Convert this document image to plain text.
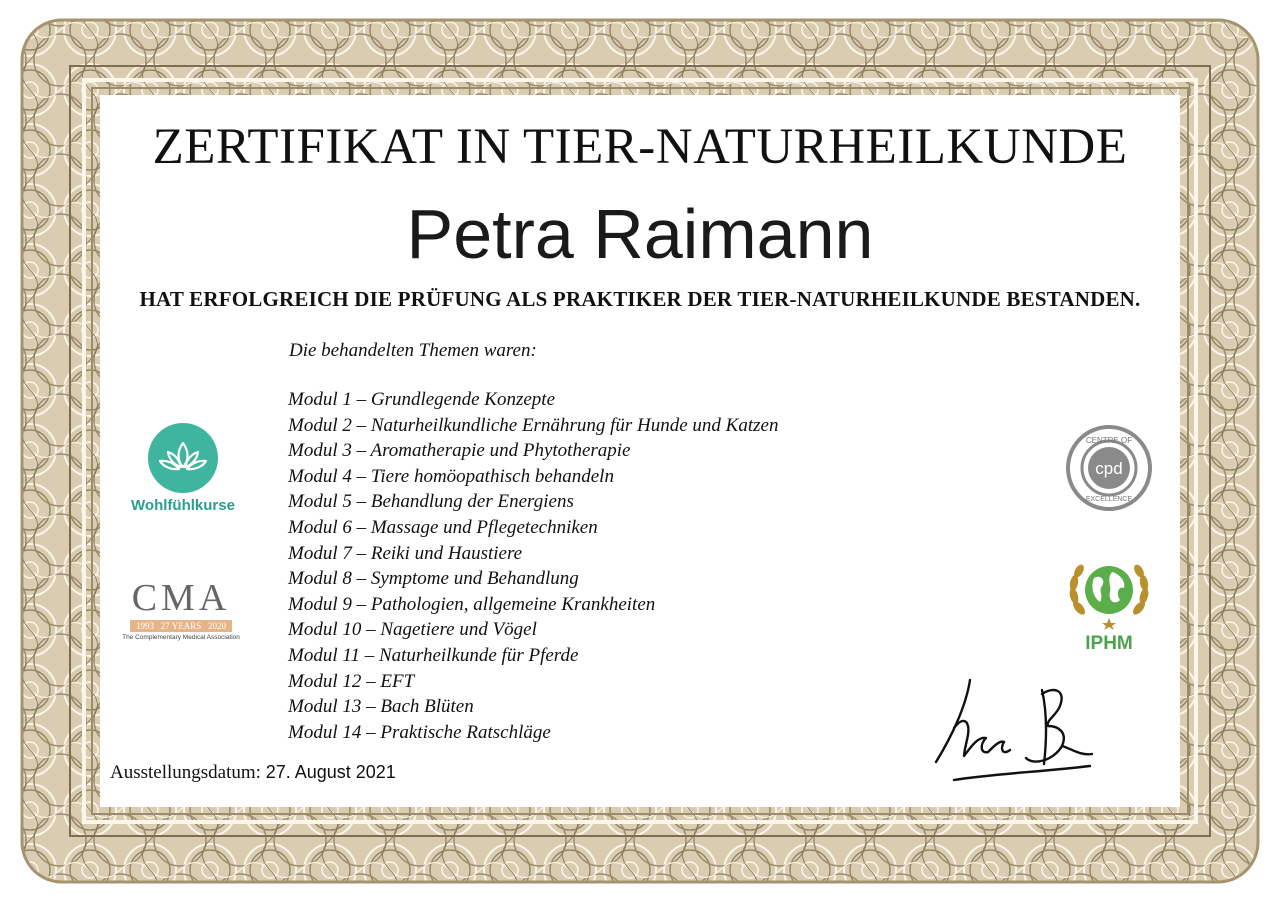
ZERTIFIKAT IN TIER-NATURHEILKUNDE
Petra Raimann
HAT ERFOLGREICH DIE PRÜFUNG ALS PRAKTIKER DER TIER-NATURHEILKUNDE BESTANDEN.
Die behandelten Themen waren:
Modul 1 – Grundlegende Konzepte
Modul 2 – Naturheilkundliche Ernährung für Hunde und Katzen
Modul 3 – Aromatherapie und Phytotherapie
Modul 4 – Tiere homöopathisch behandeln
Modul 5 – Behandlung der Energiens
Modul 6 – Massage und Pflegetechniken
Modul 7 – Reiki und Haustiere
Modul 8 – Symptome und Behandlung
Modul 9 – Pathologien, allgemeine Krankheiten
Modul 10 – Nagetiere und Vögel
Modul 11 – Naturheilkunde für Pferde
Modul 12 – EFT
Modul 13 – Bach Blüten
Modul 14 – Praktische Ratschläge
Ausstellungsdatum: 27. August 2021
Wohlfühlkurse
CMA
1993 27 YEARS 2020
The Complementary Medical Association
CENTRE OF
cpd
EXCELLENCE
IPHM
